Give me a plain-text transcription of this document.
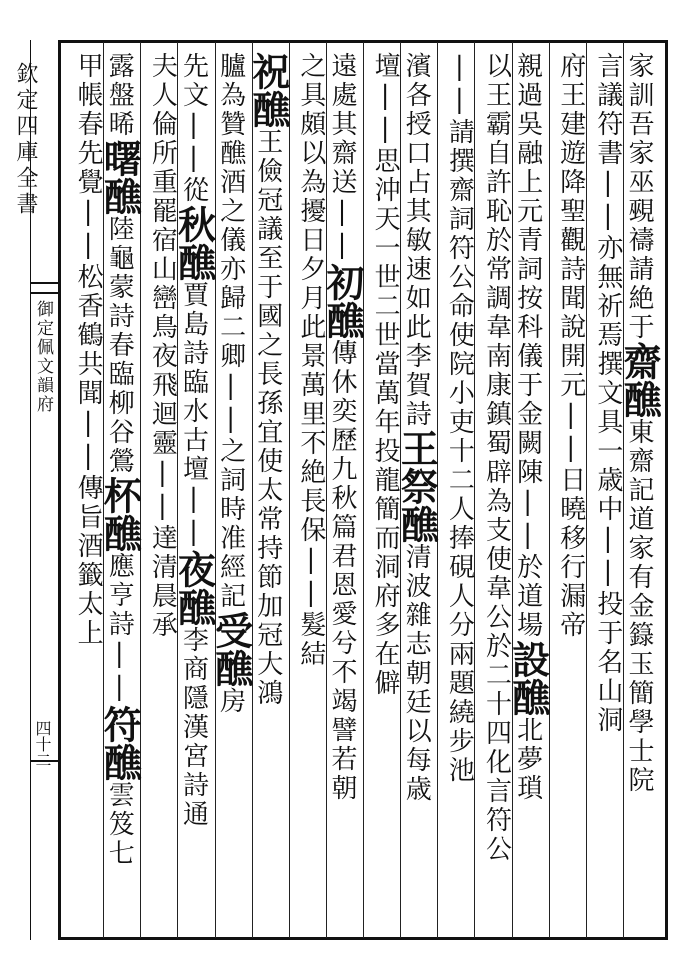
欽定四庫全書
御定佩文韻府
四十二
家訓吾家巫覡禱請絶于齋醮東齋記道家有金籙玉簡學士院
言議符書||亦無祈焉撰文具一歳中||投于名山洞
府王建遊降聖觀詩聞說開元||日曉移行漏帝
親過吳融上元青詞按科儀于金闕陳||於道場設醮北夢瑣
以王霸自許恥於常調韋南康鎮蜀辟為支使韋公於二十四化言符公
||請撰齋詞符公命使院小吏十二人捧硯人分兩題繞步池
濱各授口占其敏速如此李賀詩王祭醮清波雜志朝廷以每歳
壇||思沖天一世二世當萬年投龍簡而洞府多在僻
遠處其齋送||初醮傳休奕歷九秋篇君恩愛兮不竭譬若朝
之具頗以為擾日夕月此景萬里不絶長保||髮結
祝醮王儉冠議至于國之長孫宜使太常持節加冠大鴻
臚為贊醮酒之儀亦歸二卿||之詞時准經記受醮房
先文||從秋醮賈島詩臨水古壇||夜醮李商隱漢宮詩通
夫人倫所重罷宿山巒鳥夜飛迴靈||達清晨承
露盤晞曙醮陸龜蒙詩春臨柳谷鶯杯醮應亨詩||符醮雲笈七
甲帳春先覺||松香鶴共聞||傳旨酒籤太上
